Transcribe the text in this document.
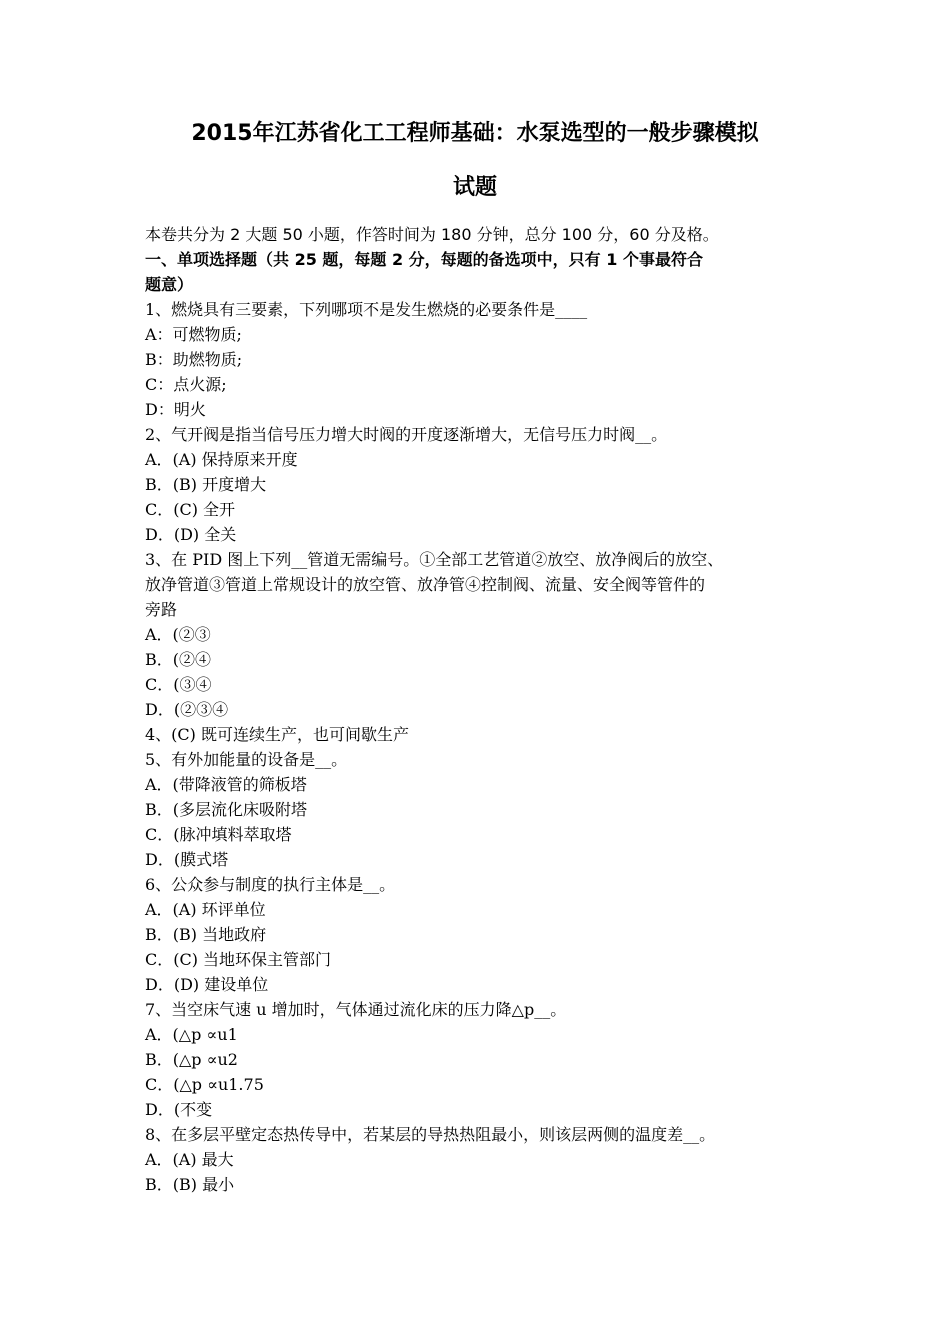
2015年江苏省化工工程师基础：水泵选型的一般步骤模拟
试题
本卷共分为 2 大题 50 小题，作答时间为 180 分钟，总分 100 分，60 分及格。
一、单项选择题（共 25 题，每题 2 分，每题的备选项中，只有 1 个事最符合
题意）
1、燃烧具有三要素，下列哪项不是发生燃烧的必要条件是____
A：可燃物质;
B：助燃物质;
C：点火源;
D：明火
2、气开阀是指当信号压力增大时阀的开度逐渐增大，无信号压力时阀__。
A．(A) 保持原来开度
B．(B) 开度增大
C．(C) 全开
D．(D) 全关
3、在 PID 图上下列__管道无需编号。①全部工艺管道②放空、放净阀后的放空、
放净管道③管道上常规设计的放空管、放净管④控制阀、流量、安全阀等管件的
旁路
A．(②③
B．(②④
C．(③④
D．(②③④
4、(C) 既可连续生产，也可间歇生产
5、有外加能量的设备是__。
A．(带降液管的筛板塔
B．(多层流化床吸附塔
C．(脉冲填料萃取塔
D．(膜式塔
6、公众参与制度的执行主体是__。
A．(A) 环评单位
B．(B) 当地政府
C．(C) 当地环保主管部门
D．(D) 建设单位
7、当空床气速 u 增加时，气体通过流化床的压力降△p__。
A．(△p ∝u1
B．(△p ∝u2
C．(△p ∝u1.75
D．(不变
8、在多层平壁定态热传导中，若某层的导热热阻最小，则该层两侧的温度差__。
A．(A) 最大
B．(B) 最小
